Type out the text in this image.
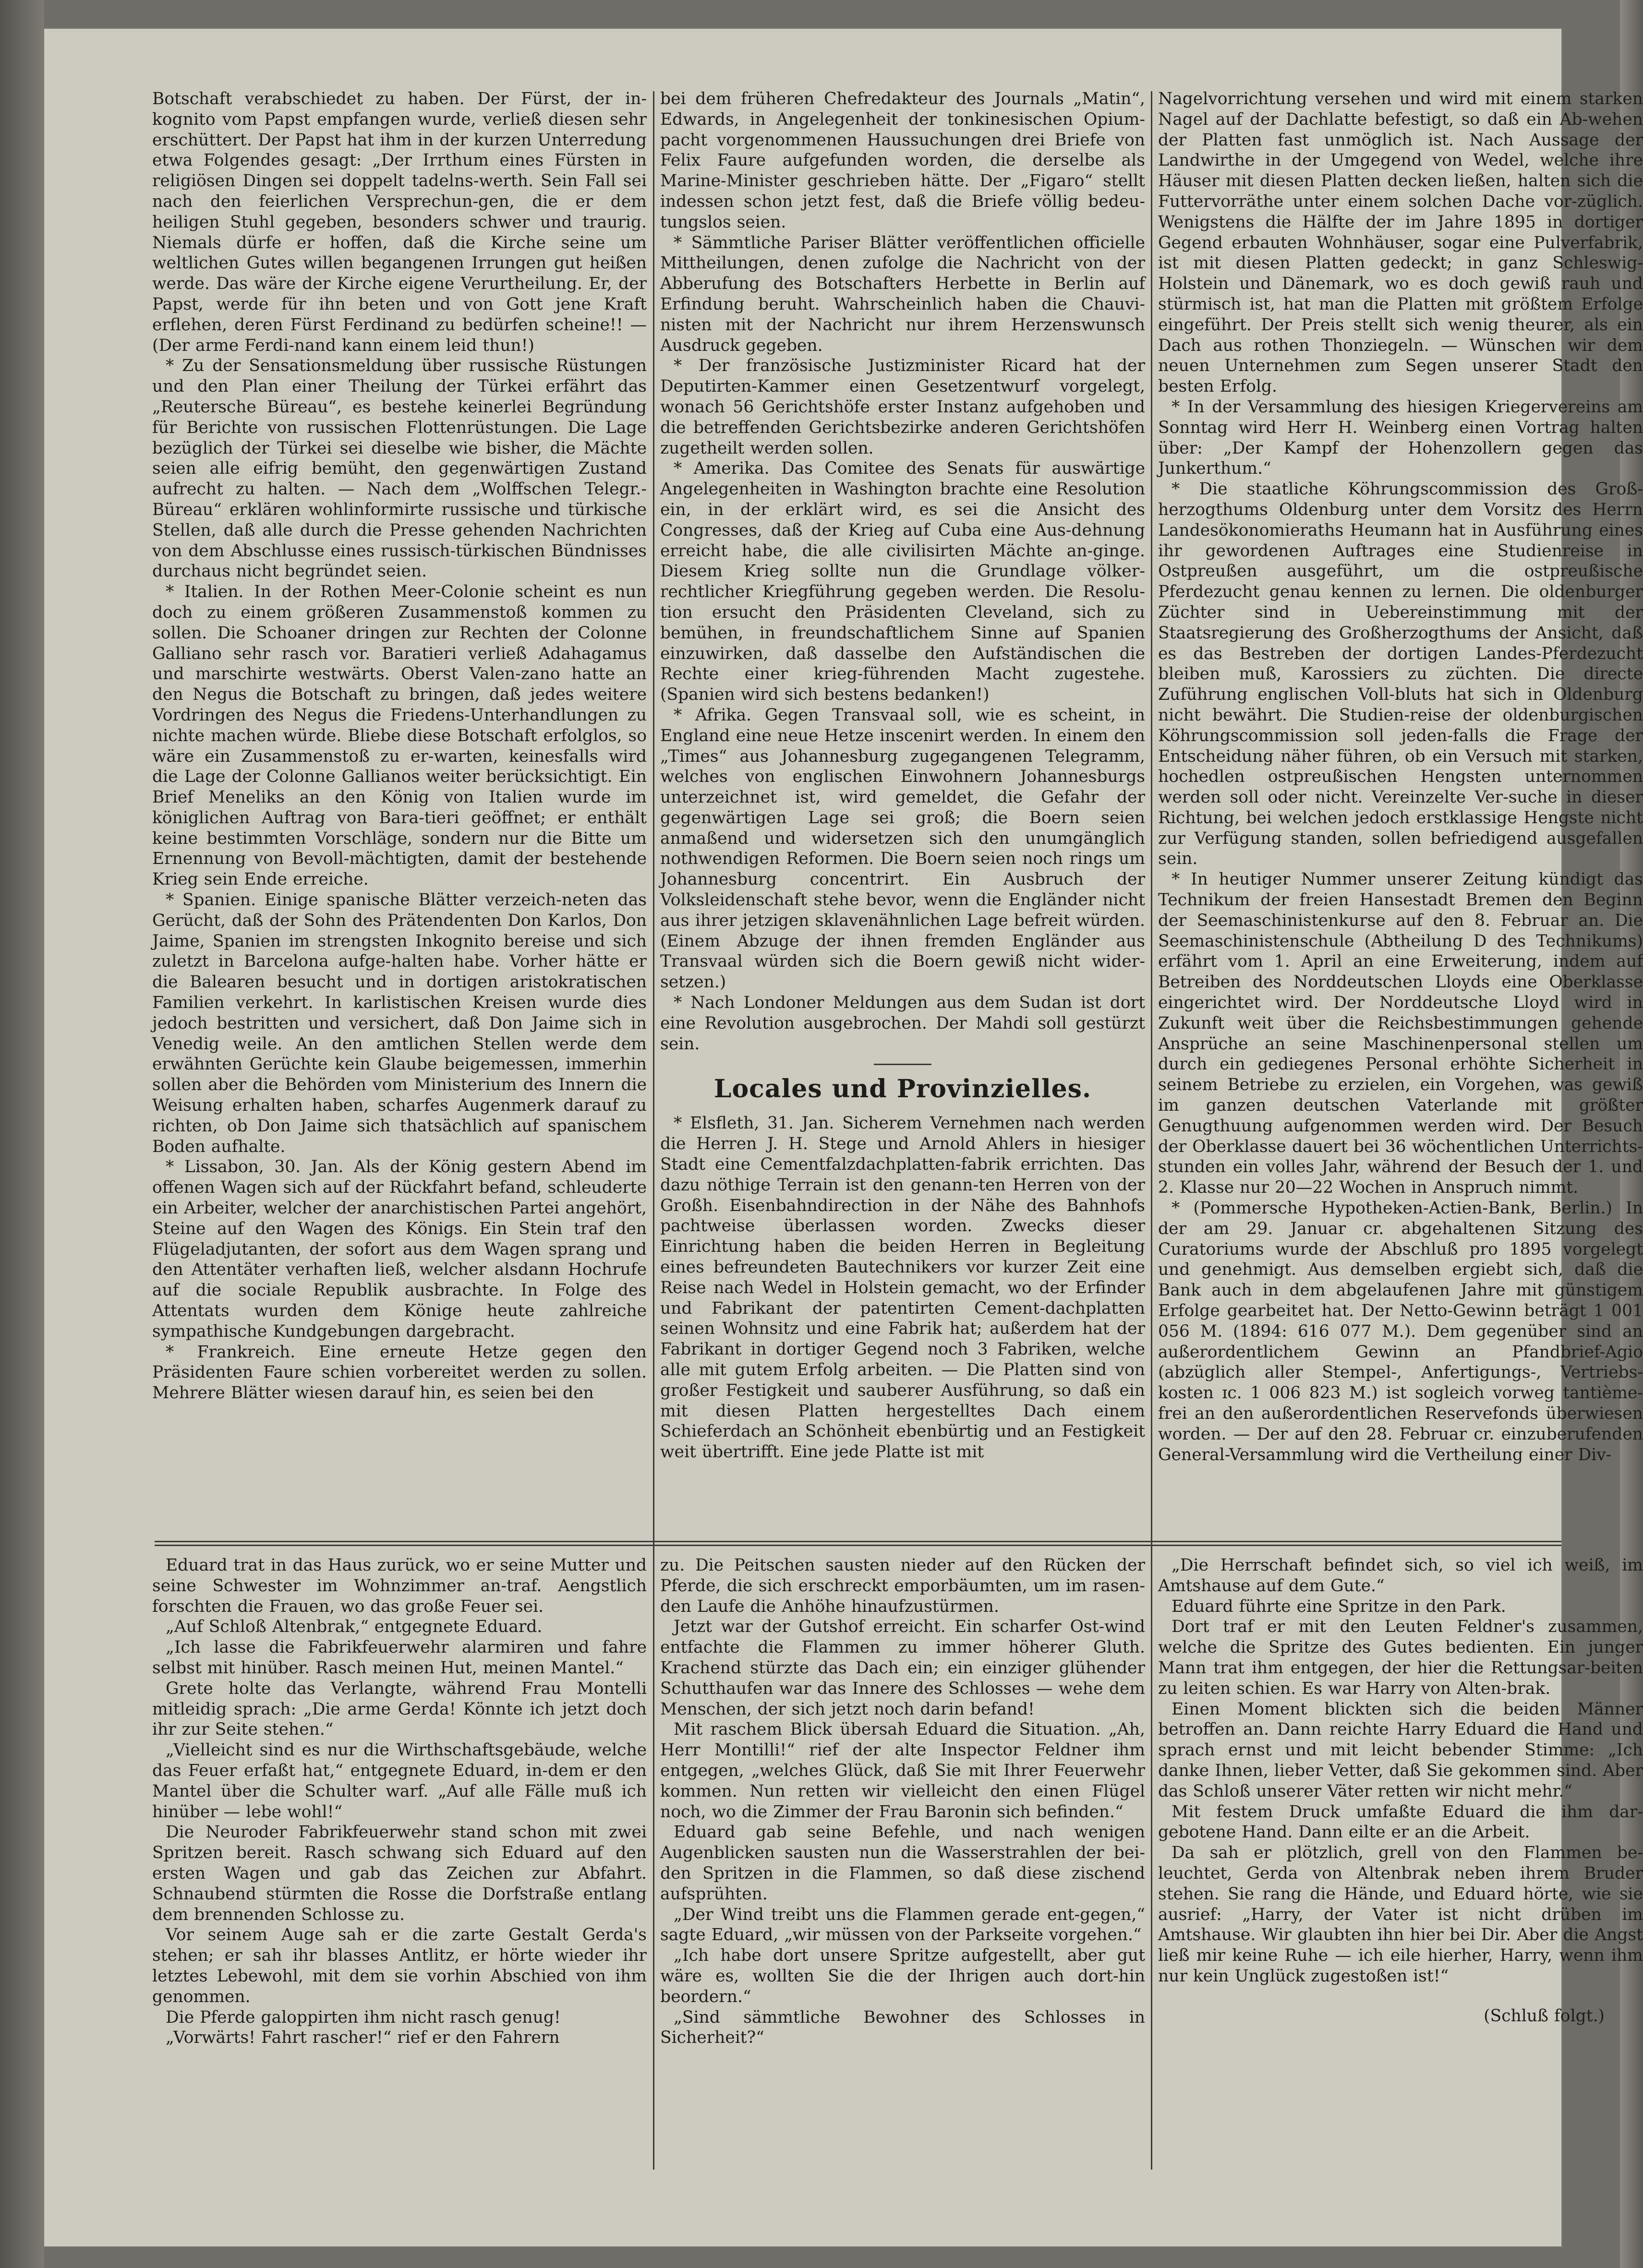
Botschaft verabschiedet zu haben. Der Fürst, der in-kognito vom Papst empfangen wurde, verließ diesen sehr erschüttert. Der Papst hat ihm in der kurzen Unterredung etwa Folgendes gesagt: „Der Irrthum eines Fürsten in religiösen Dingen sei doppelt tadelns-werth. Sein Fall sei nach den feierlichen Versprechun-gen, die er dem heiligen Stuhl gegeben, besonders schwer und traurig. Niemals dürfe er hoffen, daß die Kirche seine um weltlichen Gutes willen begangenen Irrungen gut heißen werde. Das wäre der Kirche eigene Verurtheilung. Er, der Papst, werde für ihn beten und von Gott jene Kraft erflehen, deren Fürst Ferdinand zu bedürfen scheine!! — (Der arme Ferdi-nand kann einem leid thun!)

* Zu der Sensationsmeldung über russische Rüstungen und den Plan einer Theilung der Türkei erfährt das „Reutersche Büreau“, es bestehe keinerlei Begründung für Berichte von russischen Flottenrüstungen. Die Lage bezüglich der Türkei sei dieselbe wie bisher, die Mächte seien alle eifrig bemüht, den gegenwärtigen Zustand aufrecht zu halten. — Nach dem „Wolffschen Telegr.-Büreau“ erklären wohlinformirte russische und türkische Stellen, daß alle durch die Presse gehenden Nachrichten von dem Abschlusse eines russisch-türkischen Bündnisses durchaus nicht begründet seien.

* Italien. In der Rothen Meer-Colonie scheint es nun doch zu einem größeren Zusammenstoß kommen zu sollen. Die Schoaner dringen zur Rechten der Colonne Galliano sehr rasch vor. Baratieri verließ Adahagamus und marschirte westwärts. Oberst Valen-zano hatte an den Negus die Botschaft zu bringen, daß jedes weitere Vordringen des Negus die Friedens-Unterhandlungen zu nichte machen würde. Bliebe diese Botschaft erfolglos, so wäre ein Zusammenstoß zu er-warten, keinesfalls wird die Lage der Colonne Gallianos weiter berücksichtigt. Ein Brief Meneliks an den König von Italien wurde im königlichen Auftrag von Bara-tieri geöffnet; er enthält keine bestimmten Vorschläge, sondern nur die Bitte um Ernennung von Bevoll-mächtigten, damit der bestehende Krieg sein Ende erreiche.

* Spanien. Einige spanische Blätter verzeich-neten das Gerücht, daß der Sohn des Prätendenten Don Karlos, Don Jaime, Spanien im strengsten Inkognito bereise und sich zuletzt in Barcelona aufge-halten habe. Vorher hätte er die Balearen besucht und in dortigen aristokratischen Familien verkehrt. In karlistischen Kreisen wurde dies jedoch bestritten und versichert, daß Don Jaime sich in Venedig weile. An den amtlichen Stellen werde dem erwähnten Gerüchte kein Glaube beigemessen, immerhin sollen aber die Behörden vom Ministerium des Innern die Weisung erhalten haben, scharfes Augenmerk darauf zu richten, ob Don Jaime sich thatsächlich auf spanischem Boden aufhalte.

* Lissabon, 30. Jan. Als der König gestern Abend im offenen Wagen sich auf der Rückfahrt befand, schleuderte ein Arbeiter, welcher der anarchistischen Partei angehört, Steine auf den Wagen des Königs. Ein Stein traf den Flügeladjutanten, der sofort aus dem Wagen sprang und den Attentäter verhaften ließ, welcher alsdann Hochrufe auf die sociale Republik ausbrachte. In Folge des Attentats wurden dem Könige heute zahlreiche sympathische Kundgebungen dargebracht.

* Frankreich. Eine erneute Hetze gegen den Präsidenten Faure schien vorbereitet werden zu sollen. Mehrere Blätter wiesen darauf hin, es seien bei den

bei dem früheren Chefredakteur des Journals „Matin“, Edwards, in Angelegenheit der tonkinesischen Opium-pacht vorgenommenen Haussuchungen drei Briefe von Felix Faure aufgefunden worden, die derselbe als Marine-Minister geschrieben hätte. Der „Figaro“ stellt indessen schon jetzt fest, daß die Briefe völlig bedeu-tungslos seien.

* Sämmtliche Pariser Blätter veröffentlichen officielle Mittheilungen, denen zufolge die Nachricht von der Abberufung des Botschafters Herbette in Berlin auf Erfindung beruht. Wahrscheinlich haben die Chauvi-nisten mit der Nachricht nur ihrem Herzenswunsch Ausdruck gegeben.

* Der französische Justizminister Ricard hat der Deputirten-Kammer einen Gesetzentwurf vorgelegt, wonach 56 Gerichtshöfe erster Instanz aufgehoben und die betreffenden Gerichtsbezirke anderen Gerichtshöfen zugetheilt werden sollen.

* Amerika. Das Comitee des Senats für auswärtige Angelegenheiten in Washington brachte eine Resolution ein, in der erklärt wird, es sei die Ansicht des Congresses, daß der Krieg auf Cuba eine Aus-dehnung erreicht habe, die alle civilisirten Mächte an-ginge. Diesem Krieg sollte nun die Grundlage völker-rechtlicher Kriegführung gegeben werden. Die Resolu-tion ersucht den Präsidenten Cleveland, sich zu bemühen, in freundschaftlichem Sinne auf Spanien einzuwirken, daß dasselbe den Aufständischen die Rechte einer krieg-führenden Macht zugestehe. (Spanien wird sich bestens bedanken!)

* Afrika. Gegen Transvaal soll, wie es scheint, in England eine neue Hetze inscenirt werden. In einem den „Times“ aus Johannesburg zugegangenen Telegramm, welches von englischen Einwohnern Johannesburgs unterzeichnet ist, wird gemeldet, die Gefahr der gegenwärtigen Lage sei groß; die Boern seien anmaßend und widersetzen sich den unumgänglich nothwendigen Reformen. Die Boern seien noch rings um Johannesburg concentrirt. Ein Ausbruch der Volksleidenschaft stehe bevor, wenn die Engländer nicht aus ihrer jetzigen sklavenähnlichen Lage befreit würden. (Einem Abzuge der ihnen fremden Engländer aus Transvaal würden sich die Boern gewiß nicht wider-setzen.)

* Nach Londoner Meldungen aus dem Sudan ist dort eine Revolution ausgebrochen. Der Mahdi soll gestürzt sein.

Locales und Provinzielles.

* Elsfleth, 31. Jan. Sicherem Vernehmen nach werden die Herren J. H. Stege und Arnold Ahlers in hiesiger Stadt eine Cementfalzdachplatten-fabrik errichten. Das dazu nöthige Terrain ist den genann-ten Herren von der Großh. Eisenbahndirection in der Nähe des Bahnhofs pachtweise überlassen worden. Zwecks dieser Einrichtung haben die beiden Herren in Begleitung eines befreundeten Bautechnikers vor kurzer Zeit eine Reise nach Wedel in Holstein gemacht, wo der Erfinder und Fabrikant der patentirten Cement-dachplatten seinen Wohnsitz und eine Fabrik hat; außerdem hat der Fabrikant in dortiger Gegend noch 3 Fabriken, welche alle mit gutem Erfolg arbeiten. — Die Platten sind von großer Festigkeit und sauberer Ausführung, so daß ein mit diesen Platten hergestelltes Dach einem Schieferdach an Schönheit ebenbürtig und an Festigkeit weit übertrifft. Eine jede Platte ist mit

Nagelvorrichtung versehen und wird mit einem starken Nagel auf der Dachlatte befestigt, so daß ein Ab-wehen der Platten fast unmöglich ist. Nach Aussage der Landwirthe in der Umgegend von Wedel, welche ihre Häuser mit diesen Platten decken ließen, halten sich die Futtervorräthe unter einem solchen Dache vor-züglich. Wenigstens die Hälfte der im Jahre 1895 in dortiger Gegend erbauten Wohnhäuser, sogar eine Pulverfabrik, ist mit diesen Platten gedeckt; in ganz Schleswig-Holstein und Dänemark, wo es doch gewiß rauh und stürmisch ist, hat man die Platten mit größtem Erfolge eingeführt. Der Preis stellt sich wenig theurer, als ein Dach aus rothen Thonziegeln. — Wünschen wir dem neuen Unternehmen zum Segen unserer Stadt den besten Erfolg.

* In der Versammlung des hiesigen Kriegervereins am Sonntag wird Herr H. Weinberg einen Vortrag halten über: „Der Kampf der Hohenzollern gegen das Junkerthum.“

* Die staatliche Köhrungscommission des Groß-herzogthums Oldenburg unter dem Vorsitz des Herrn Landesökonomieraths Heumann hat in Ausführung eines ihr gewordenen Auftrages eine Studienreise in Ostpreußen ausgeführt, um die ostpreußische Pferdezucht genau kennen zu lernen. Die oldenburger Züchter sind in Uebereinstimmung mit der Staatsregierung des Großherzogthums der Ansicht, daß es das Bestreben der dortigen Landes-Pferdezucht bleiben muß, Karossiers zu züchten. Die directe Zuführung englischen Voll-bluts hat sich in Oldenburg nicht bewährt. Die Studien-reise der oldenburgischen Köhrungscommission soll jeden-falls die Frage der Entscheidung näher führen, ob ein Versuch mit starken, hochedlen ostpreußischen Hengsten unternommen werden soll oder nicht. Vereinzelte Ver-suche in dieser Richtung, bei welchen jedoch erstklassige Hengste nicht zur Verfügung standen, sollen befriedigend ausgefallen sein.

* In heutiger Nummer unserer Zeitung kündigt das Technikum der freien Hansestadt Bremen den Beginn der Seemaschinistenkurse auf den 8. Februar an. Die Seemaschinistenschule (Abtheilung D des Technikums) erfährt vom 1. April an eine Erweiterung, indem auf Betreiben des Norddeutschen Lloyds eine Oberklasse eingerichtet wird. Der Norddeutsche Lloyd wird in Zukunft weit über die Reichsbestimmungen gehende Ansprüche an seine Maschinenpersonal stellen um durch ein gediegenes Personal erhöhte Sicherheit in seinem Betriebe zu erzielen, ein Vorgehen, was gewiß im ganzen deutschen Vaterlande mit größter Genugthuung aufgenommen werden wird. Der Besuch der Oberklasse dauert bei 36 wöchentlichen Unterrichts-stunden ein volles Jahr, während der Besuch der 1. und 2. Klasse nur 20—22 Wochen in Anspruch nimmt.

* (Pommersche Hypotheken-Actien-Bank, Berlin.) In der am 29. Januar cr. abgehaltenen Sitzung des Curatoriums wurde der Abschluß pro 1895 vorgelegt und genehmigt. Aus demselben ergiebt sich, daß die Bank auch in dem abgelaufenen Jahre mit günstigem Erfolge gearbeitet hat. Der Netto-Gewinn beträgt 1 001 056 M. (1894: 616 077 M.). Dem gegenüber sind an außerordentlichem Gewinn an Pfandbrief-Agio (abzüglich aller Stempel-, Anfertigungs-, Vertriebs-kosten ɪc. 1 006 823 M.) ist sogleich vorweg tantième-frei an den außerordentlichen Reservefonds überwiesen worden. — Der auf den 28. Februar cr. einzuberufenden General-Versammlung wird die Vertheilung einer Div-

Eduard trat in das Haus zurück, wo er seine Mutter und seine Schwester im Wohnzimmer an-traf. Aengstlich forschten die Frauen, wo das große Feuer sei.

„Auf Schloß Altenbrak,“ entgegnete Eduard.

„Ich lasse die Fabrikfeuerwehr alarmiren und fahre selbst mit hinüber. Rasch meinen Hut, meinen Mantel.“

Grete holte das Verlangte, während Frau Montelli mitleidig sprach: „Die arme Gerda! Könnte ich jetzt doch ihr zur Seite stehen.“

„Vielleicht sind es nur die Wirthschaftsgebäude, welche das Feuer erfaßt hat,“ entgegnete Eduard, in-dem er den Mantel über die Schulter warf. „Auf alle Fälle muß ich hinüber — lebe wohl!“

Die Neuroder Fabrikfeuerwehr stand schon mit zwei Spritzen bereit. Rasch schwang sich Eduard auf den ersten Wagen und gab das Zeichen zur Abfahrt. Schnaubend stürmten die Rosse die Dorfstraße entlang dem brennenden Schlosse zu.

Vor seinem Auge sah er die zarte Gestalt Gerda's stehen; er sah ihr blasses Antlitz, er hörte wieder ihr letztes Lebewohl, mit dem sie vorhin Abschied von ihm genommen.

Die Pferde galoppirten ihm nicht rasch genug!

„Vorwärts! Fahrt rascher!“ rief er den Fahrern

zu. Die Peitschen sausten nieder auf den Rücken der Pferde, die sich erschreckt emporbäumten, um im rasen-den Laufe die Anhöhe hinaufzustürmen.

Jetzt war der Gutshof erreicht. Ein scharfer Ost-wind entfachte die Flammen zu immer höherer Gluth. Krachend stürzte das Dach ein; ein einziger glühender Schutthaufen war das Innere des Schlosses — wehe dem Menschen, der sich jetzt noch darin befand!

Mit raschem Blick übersah Eduard die Situation. „Ah, Herr Montilli!“ rief der alte Inspector Feldner ihm entgegen, „welches Glück, daß Sie mit Ihrer Feuerwehr kommen. Nun retten wir vielleicht den einen Flügel noch, wo die Zimmer der Frau Baronin sich befinden.“

Eduard gab seine Befehle, und nach wenigen Augenblicken sausten nun die Wasserstrahlen der bei-den Spritzen in die Flammen, so daß diese zischend aufsprühten.

„Der Wind treibt uns die Flammen gerade ent-gegen,“ sagte Eduard, „wir müssen von der Parkseite vorgehen.“

„Ich habe dort unsere Spritze aufgestellt, aber gut wäre es, wollten Sie die der Ihrigen auch dort-hin beordern.“

„Sind sämmtliche Bewohner des Schlosses in Sicherheit?“

„Die Herrschaft befindet sich, so viel ich weiß, im Amtshause auf dem Gute.“

Eduard führte eine Spritze in den Park.

Dort traf er mit den Leuten Feldner's zusammen, welche die Spritze des Gutes bedienten. Ein junger Mann trat ihm entgegen, der hier die Rettungsar-beiten zu leiten schien. Es war Harry von Alten-brak.

Einen Moment blickten sich die beiden Männer betroffen an. Dann reichte Harry Eduard die Hand und sprach ernst und mit leicht bebender Stimme: „Ich danke Ihnen, lieber Vetter, daß Sie gekommen sind. Aber das Schloß unserer Väter retten wir nicht mehr.“

Mit festem Druck umfaßte Eduard die ihm dar-gebotene Hand. Dann eilte er an die Arbeit.

Da sah er plötzlich, grell von den Flammen be-leuchtet, Gerda von Altenbrak neben ihrem Bruder stehen. Sie rang die Hände, und Eduard hörte, wie sie ausrief: „Harry, der Vater ist nicht drüben im Amtshause. Wir glaubten ihn hier bei Dir. Aber die Angst ließ mir keine Ruhe — ich eile hierher, Harry, wenn ihm nur kein Unglück zugestoßen ist!“

(Schluß folgt.)
